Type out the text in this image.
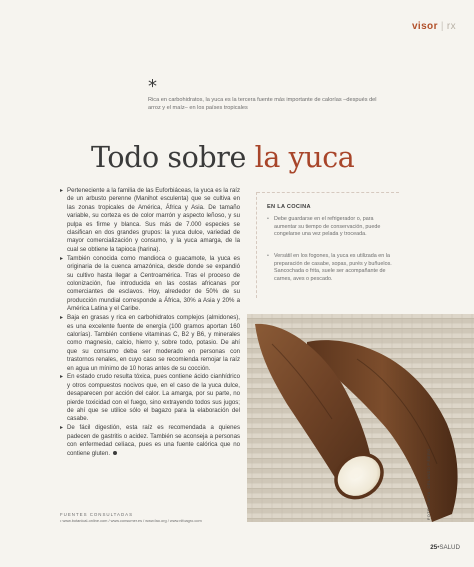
visor | rx
*
Rica en carbohidratos, la yuca es la tercera fuente más importante de calorías –después del arroz y el maíz– en los países tropicales
Todo sobre la yuca

▸ Perteneciente a la familia de las Euforbiáceas, la yuca es la raíz de un arbusto perenne (Manihot esculenta) que se cultiva en las zonas tropicales de América, África y Asia. De tamaño variable, su corteza es de color marrón y aspecto leñoso, y su pulpa es firme y blanca. Sus más de 7.000 especies se clasifican en dos grandes grupos: la yuca dulce, variedad de mayor comercialización y consumo, y la yuca amarga, de la cual se obtiene la tapioca (harina).

▸ También conocida como mandioca o guacamote, la yuca es originaria de la cuenca amazónica, desde donde se expandió su cultivo hasta llegar a Centroamérica. Tras el proceso de colonización, fue introducida en las costas africanas por comerciantes de esclavos. Hoy, alrededor de 50% de su producción mundial corresponde a África, 30% a Asia y 20% a América Latina y el Caribe.

▸ Baja en grasas y rica en carbohidratos complejos (almidones), es una excelente fuente de energía (100 gramos aportan 160 calorías). También contiene vitaminas C, B2 y B6, y minerales como magnesio, calcio, hierro y, sobre todo, potasio. De ahí que su consumo deba ser moderado en personas con trastornos renales, en cuyo caso se recomienda remojar la raíz en agua un mínimo de 10 horas antes de su cocción.

▸ En estado crudo resulta tóxica, pues contiene ácido cianhídrico y otros compuestos nocivos que, en el caso de la yuca dulce, desaparecen por acción del calor. La amarga, por su parte, no pierde toxicidad con el fuego, sino extrayendo todos sus jugos; de ahí que se utilice sólo el bagazo para la elaboración del casabe.

▸ De fácil digestión, esta raíz es recomendada a quienes padecen de gastritis o acidez. También se aconseja a personas con enfermedad celíaca, pues es una fuente calórica que no contiene gluten.

FUENTES CONSULTADAS
• www.botanical-online.com / www.consumer.es / www.fao.org / www.nlfoagro.com
EN LA COCINA
• Debe guardarse en el refrigerador o, para aumentar su tiempo de conservación, puede congelarse una vez pelada y troceada.
• Versátil en los fogones, la yuca es utilizada en la preparación de casabe, sopas, purés y buñuelos. Sancochada o frita, suele ser acompañante de carnes, aves o pescado.
FOTOGRAFÍA: ORLANDO PIÑERO
25•SALUD
